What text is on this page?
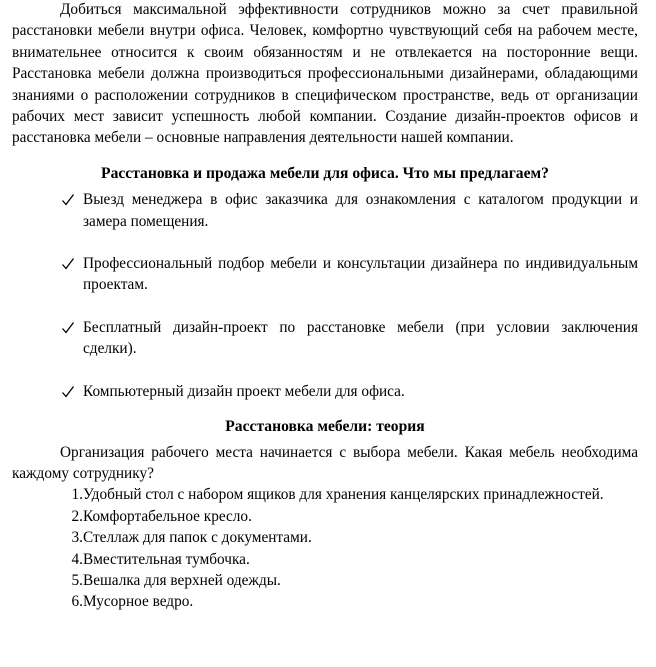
Добиться максимальной эффективности сотрудников можно за счет правильной расстановки мебели внутри офиса. Человек, комфортно чувствующий себя на рабочем месте, внимательнее относится к своим обязанностям и не отвлекается на посторонние вещи. Расстановка мебели должна производиться профессиональными дизайнерами, обладающими знаниями о расположении сотрудников в специфическом пространстве, ведь от организации рабочих мест зависит успешность любой компании. Создание дизайн-проектов офисов и расстановка мебели – основные направления деятельности нашей компании.

Расстановка и продажа мебели для офиса. Что мы предлагаем?
Выезд менеджера в офис заказчика для ознакомления с каталогом продукции и замера помещения.
Профессиональный подбор мебели и консультации дизайнера по индивидуальным проектам.
Бесплатный дизайн-проект по расстановке мебели (при условии заключения сделки).
Компьютерный дизайн проект мебели для офиса.
Расстановка мебели: теория

Организация рабочего места начинается с выбора мебели. Какая мебель необходима каждому сотруднику?

1. Удобный стол с набором ящиков для хранения канцелярских принадлежностей.
2. Комфортабельное кресло.
3. Стеллаж для папок с документами.
4. Вместительная тумбочка.
5. Вешалка для верхней одежды.
6. Мусорное ведро.
